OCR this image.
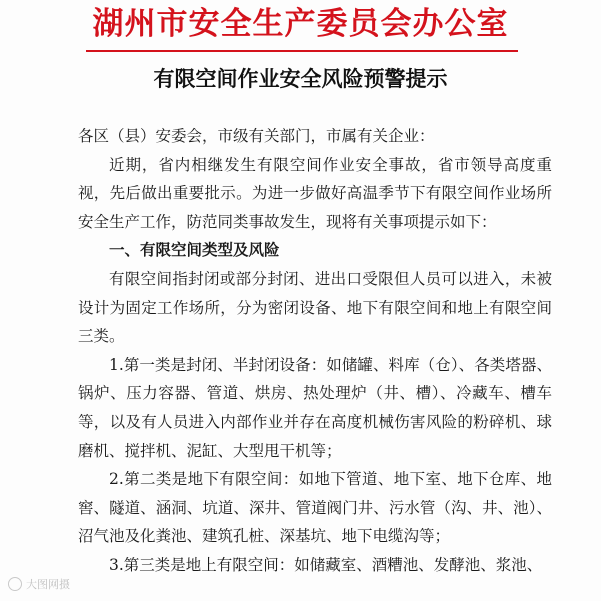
湖州市安全生产委员会办公室
有限空间作业安全风险预警提示

各区（县）安委会，市级有关部门，市属有关企业：

近期，省内相继发生有限空间作业安全事故，省市领导高度重视，先后做出重要批示。为进一步做好高温季节下有限空间作业场所安全生产工作，防范同类事故发生，现将有关事项提示如下：

一、有限空间类型及风险

有限空间指封闭或部分封闭、进出口受限但人员可以进入，未被设计为固定工作场所，分为密闭设备、地下有限空间和地上有限空间三类。

1.第一类是封闭、半封闭设备：如储罐、料库（仓）、各类塔器、锅炉、压力容器、管道、烘房、热处理炉（井、槽）、冷藏车、槽车等，以及有人员进入内部作业并存在高度机械伤害风险的粉碎机、球磨机、搅拌机、泥缸、大型甩干机等；

2.第二类是地下有限空间：如地下管道、地下室、地下仓库、地窖、隧道、涵洞、坑道、深井、管道阀门井、污水管（沟、井、池）、沼气池及化粪池、建筑孔桩、深基坑、地下电缆沟等；

3.第三类是地上有限空间：如储藏室、酒糟池、发酵池、浆池、

大图网摄
